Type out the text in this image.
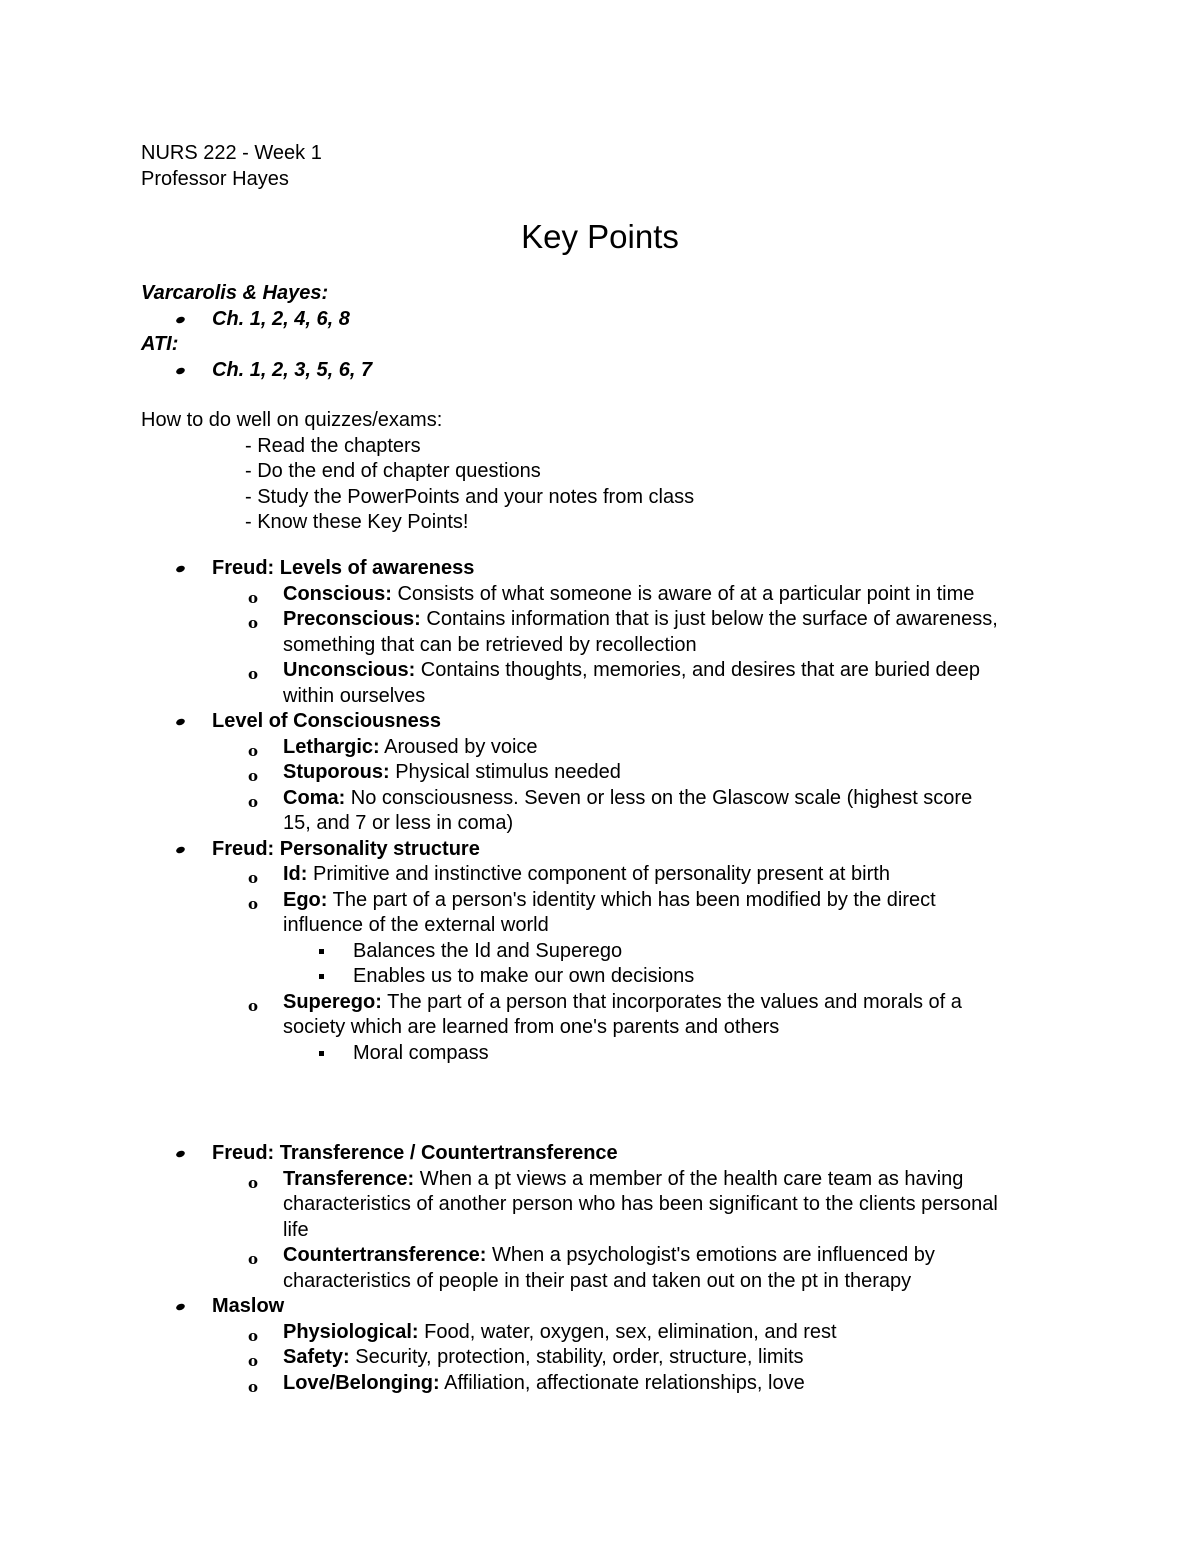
NURS 222 - Week 1
Professor Hayes
Key Points
Varcarolis & Hayes:
Ch. 1, 2, 4, 6, 8
ATI:
Ch. 1, 2, 3, 5, 6, 7
How to do well on quizzes/exams:
- Read the chapters
- Do the end of chapter questions
- Study the PowerPoints and your notes from class
- Know these Key Points!
Freud: Levels of awareness
o Conscious: Consists of what someone is aware of at a particular point in time
o Preconscious: Contains information that is just below the surface of awareness,
something that can be retrieved by recollection
o Unconscious: Contains thoughts, memories, and desires that are buried deep
within ourselves
Level of Consciousness
o Lethargic: Aroused by voice
o Stuporous: Physical stimulus needed
o Coma: No consciousness. Seven or less on the Glascow scale (highest score
15, and 7 or less in coma)
Freud: Personality structure
o Id: Primitive and instinctive component of personality present at birth
o Ego: The part of a person's identity which has been modified by the direct
influence of the external world
Balances the Id and Superego
Enables us to make our own decisions
o Superego: The part of a person that incorporates the values and morals of a
society which are learned from one's parents and others
Moral compass
Freud: Transference / Countertransference
o Transference: When a pt views a member of the health care team as having
characteristics of another person who has been significant to the clients personal
life
o Countertransference: When a psychologist's emotions are influenced by
characteristics of people in their past and taken out on the pt in therapy
Maslow
o Physiological: Food, water, oxygen, sex, elimination, and rest
o Safety: Security, protection, stability, order, structure, limits
o Love/Belonging: Affiliation, affectionate relationships, love
